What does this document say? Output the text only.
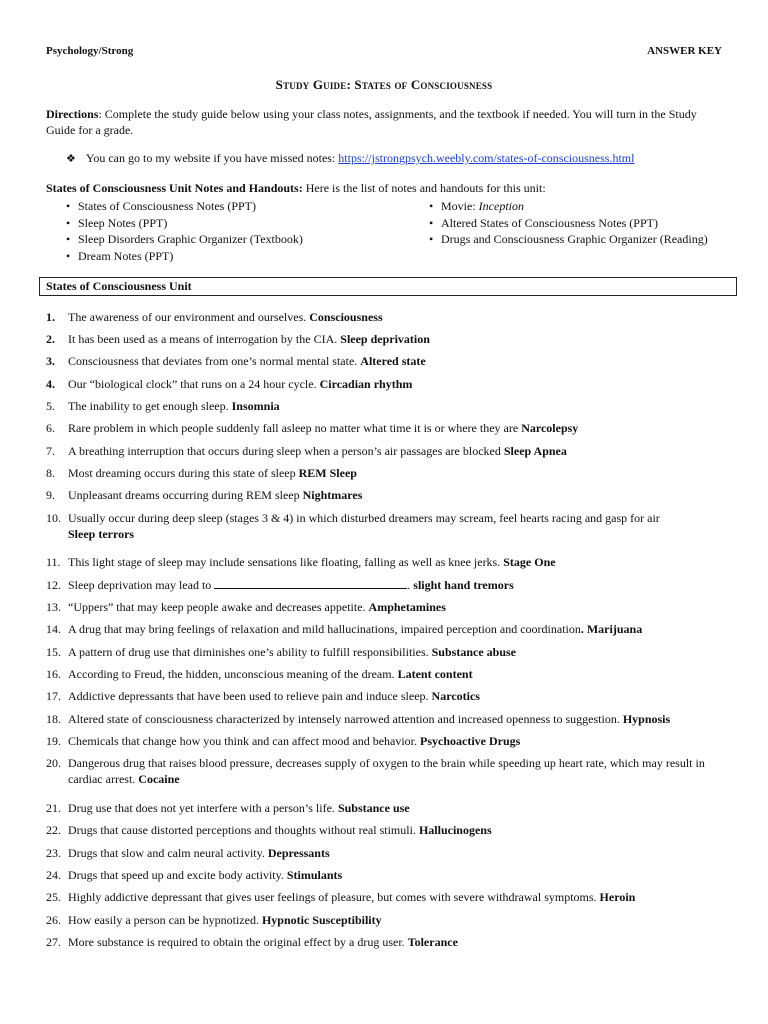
Psychology/Strong	ANSWER KEY
Study Guide: States of Consciousness
Directions: Complete the study guide below using your class notes, assignments, and the textbook if needed. You will turn in the Study Guide for a grade.
❖ You can go to my website if you have missed notes: https://jstrongpsych.weebly.com/states-of-consciousness.html
States of Consciousness Unit Notes and Handouts: Here is the list of notes and handouts for this unit:
• States of Consciousness Notes (PPT)
• Sleep Notes (PPT)
• Sleep Disorders Graphic Organizer (Textbook)
• Dream Notes (PPT)
• Movie: Inception
• Altered States of Consciousness Notes (PPT)
• Drugs and Consciousness Graphic Organizer (Reading)
States of Consciousness Unit
1.	The awareness of our environment and ourselves. Consciousness
2.	It has been used as a means of interrogation by the CIA. Sleep deprivation
3.	Consciousness that deviates from one’s normal mental state. Altered state
4.	Our “biological clock” that runs on a 24 hour cycle. Circadian rhythm
5.	The inability to get enough sleep. Insomnia
6.	Rare problem in which people suddenly fall asleep no matter what time it is or where they are Narcolepsy
7.	A breathing interruption that occurs during sleep when a person’s air passages are blocked Sleep Apnea
8.	Most dreaming occurs during this state of sleep REM Sleep
9.	Unpleasant dreams occurring during REM sleep Nightmares
10. Usually occur during deep sleep (stages 3 & 4) in which disturbed dreamers may scream, feel hearts racing and gasp for air
Sleep terrors
11. This light stage of sleep may include sensations like floating, falling as well as knee jerks. Stage One
12. Sleep deprivation may lead to	. slight hand tremors
13. “Uppers” that may keep people awake and decreases appetite. Amphetamines
14. A drug that may bring feelings of relaxation and mild hallucinations, impaired perception and coordination. Marijuana
15. A pattern of drug use that diminishes one’s ability to fulfill responsibilities. Substance abuse
16. According to Freud, the hidden, unconscious meaning of the dream. Latent content
17. Addictive depressants that have been used to relieve pain and induce sleep. Narcotics
18. Altered state of consciousness characterized by intensely narrowed attention and increased openness to suggestion. Hypnosis
19. Chemicals that change how you think and can affect mood and behavior. Psychoactive Drugs
20. Dangerous drug that raises blood pressure, decreases supply of oxygen to the brain while speeding up heart rate, which may result in cardiac arrest. Cocaine
21. Drug use that does not yet interfere with a person’s life. Substance use
22. Drugs that cause distorted perceptions and thoughts without real stimuli. Hallucinogens
23. Drugs that slow and calm neural activity. Depressants
24. Drugs that speed up and excite body activity. Stimulants
25. Highly addictive depressant that gives user feelings of pleasure, but comes with severe withdrawal symptoms. Heroin
26. How easily a person can be hypnotized. Hypnotic Susceptibility
27. More substance is required to obtain the original effect by a drug user. Tolerance
